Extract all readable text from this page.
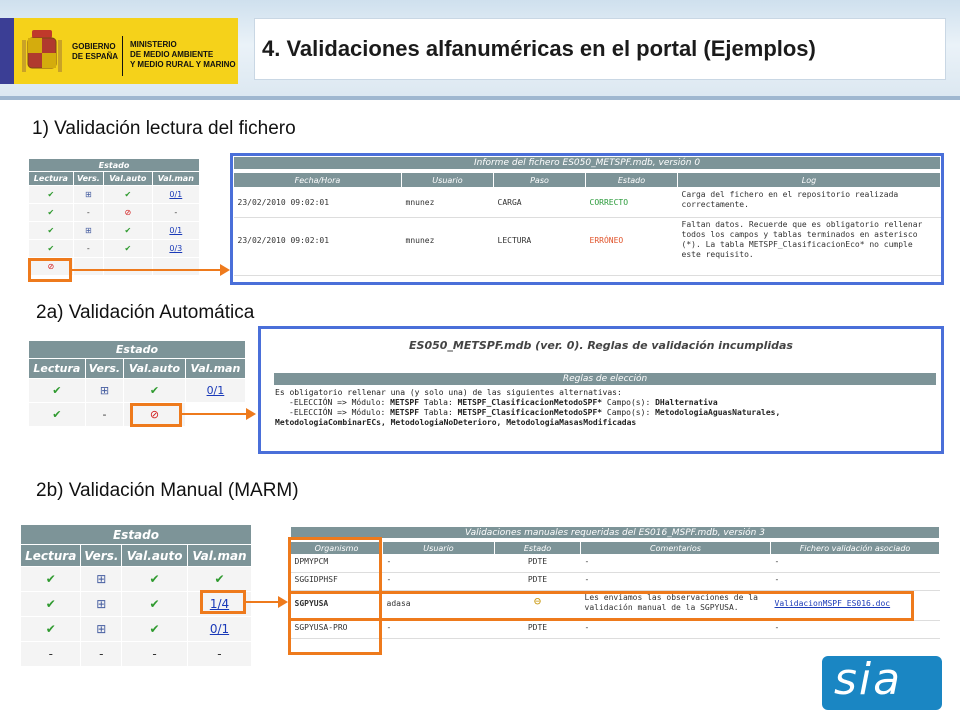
GOBIERNO
DE ESPAÑA
MINISTERIO
DE MEDIO AMBIENTE
Y MEDIO RURAL Y MARINO
4. Validaciones alfanuméricas en el portal (Ejemplos)
1) Validación lectura del fichero
Estado			
Lectura	Vers.	Val.auto	Val.man
✔	⊞	✔	0/1
✔	-	⊘	-
✔	⊞	✔	0/1
✔	-	✔	0/3
⊘			
Informe del fichero ES050_METSPF.mdb, versión 0
Fecha/Hora	Usuario	Paso	Estado	Log
23/02/2010 09:02:01	mnunez	CARGA	CORRECTO	Carga del fichero en el repositorio realizada correctamente.
23/02/2010 09:02:01	mnunez	LECTURA	ERRÓNEO	Faltan datos. Recuerde que es obligatorio rellenar todos los campos y tablas terminados en asterisco (*). La tabla METSPF_ClasificacionEco* no cumple este requisito.
2a) Validación Automática
Estado			
Lectura	Vers.	Val.auto	Val.man
✔	⊞	✔	0/1
✔	-	⊘	
ES050_METSPF.mdb (ver. 0). Reglas de validación incumplidas
Reglas de elección
Es obligatorio rellenar una (y solo una) de las siguientes alternativas:
-ELECCIÓN => Módulo: METSPF Tabla: METSPF_ClasificacionMetodoSPF* Campo(s): DHalternativa
-ELECCIÓN => Módulo: METSPF Tabla: METSPF_ClasificacionMetodoSPF* Campo(s): MetodologiaAguasNaturales,
MetodologiaCombinarECs, MetodologiaNoDeterioro, MetodologiaMasasModificadas
2b) Validación Manual (MARM)
Estado			
Lectura	Vers.	Val.auto	Val.man
✔	⊞	✔	✔
✔	⊞	✔	1/4
✔	⊞	✔	0/1
-	-	-	-
Validaciones manuales requeridas del ES016_MSPF.mdb, versión 3
Organismo	Usuario	Estado	Comentarios	Fichero validación asociado
DPMYPCM	-	PDTE	-	-
SGGIDPHSF	-	PDTE	-	-
SGPYUSA	adasa	⊖	Les enviamos las observaciones de la validación manual de la SGPYUSA.	ValidacionMSPF_ES016.doc
SGPYUSA-PRO	-	PDTE	-	-
sia
